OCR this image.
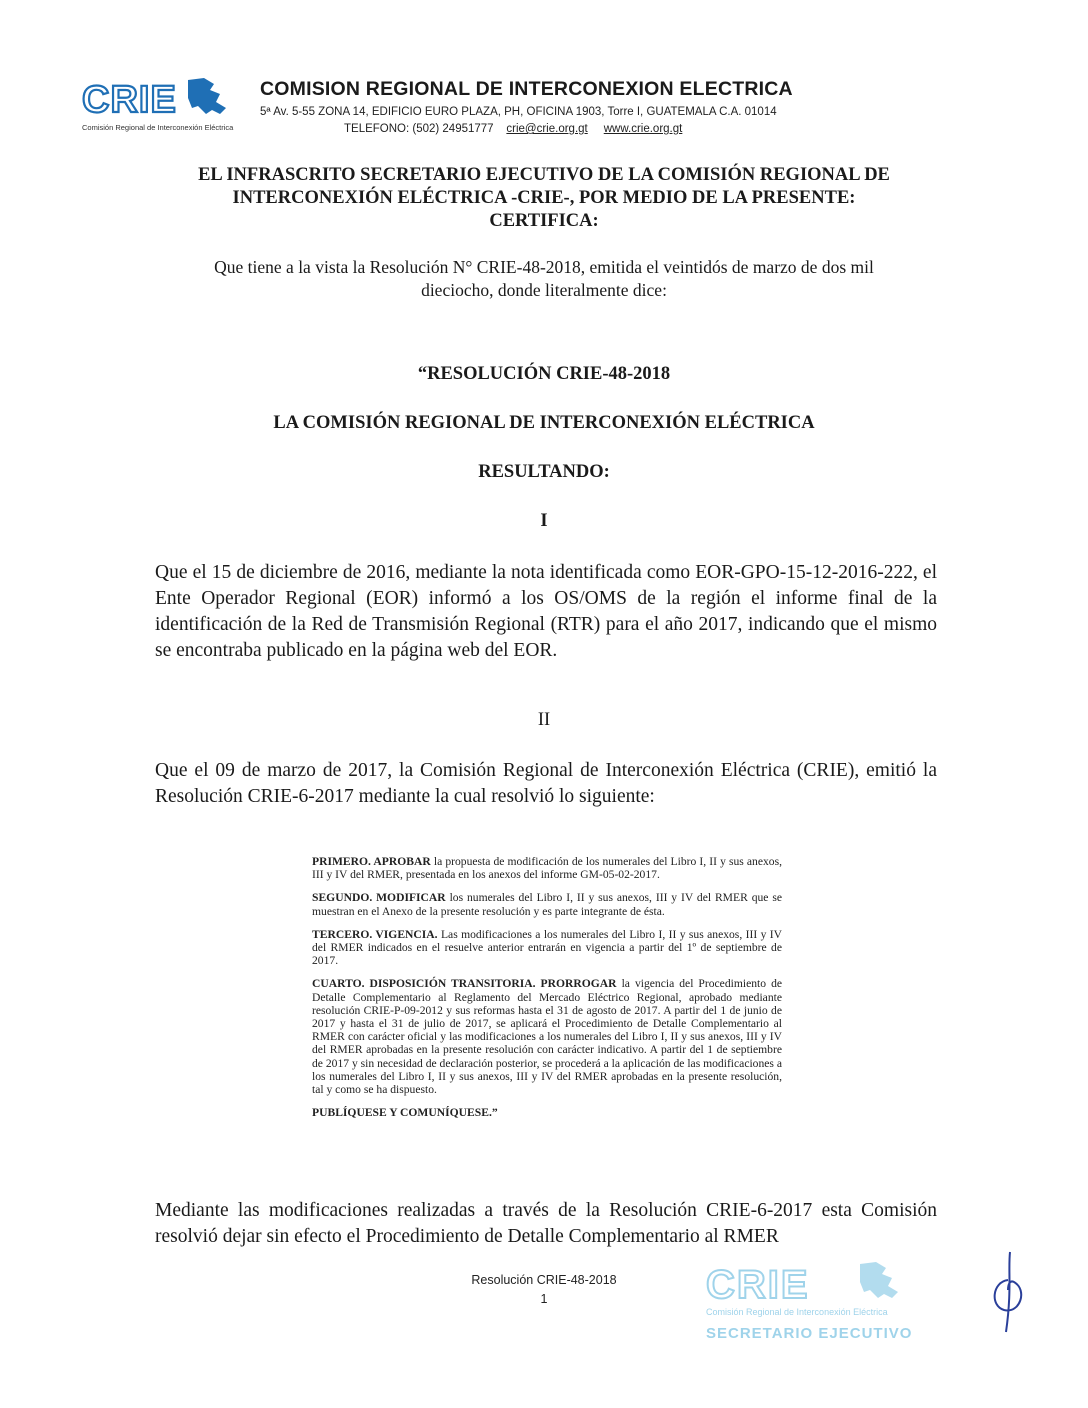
CRIE
Comisión Regional de Interconexión Eléctrica
COMISION REGIONAL DE INTERCONEXION ELECTRICA
5ª Av. 5-55 ZONA 14, EDIFICIO EURO PLAZA, PH, OFICINA 1903, Torre I, GUATEMALA C.A. 01014
TELEFONO: (502) 24951777 crie@crie.org.gt www.crie.org.gt
EL INFRASCRITO SECRETARIO EJECUTIVO DE LA COMISIÓN REGIONAL DE
INTERCONEXIÓN ELÉCTRICA -CRIE-, POR MEDIO DE LA PRESENTE:
CERTIFICA:
Que tiene a la vista la Resolución N° CRIE-48-2018, emitida el veintidós de marzo de dos mil
dieciocho, donde literalmente dice:
“RESOLUCIÓN CRIE-48-2018
LA COMISIÓN REGIONAL DE INTERCONEXIÓN ELÉCTRICA
RESULTANDO:
I
Que el 15 de diciembre de 2016, mediante la nota identificada como EOR-GPO-15-12-2016-222, el Ente Operador Regional (EOR) informó a los OS/OMS de la región el informe final de la identificación de la Red de Transmisión Regional (RTR) para el año 2017, indicando que el mismo se encontraba publicado en la página web del EOR.
II
Que el 09 de marzo de 2017, la Comisión Regional de Interconexión Eléctrica (CRIE), emitió la Resolución CRIE-6-2017 mediante la cual resolvió lo siguiente:

PRIMERO. APROBAR la propuesta de modificación de los numerales del Libro I, II y sus anexos, III y IV del RMER, presentada en los anexos del informe GM-05-02-2017.

SEGUNDO. MODIFICAR los numerales del Libro I, II y sus anexos, III y IV del RMER que se muestran en el Anexo de la presente resolución y es parte integrante de ésta.

TERCERO. VIGENCIA. Las modificaciones a los numerales del Libro I, II y sus anexos, III y IV del RMER indicados en el resuelve anterior entrarán en vigencia a partir del 1º de septiembre de 2017.

CUARTO. DISPOSICIÓN TRANSITORIA. PRORROGAR la vigencia del Procedimiento de Detalle Complementario al Reglamento del Mercado Eléctrico Regional, aprobado mediante resolución CRIE-P-09-2012 y sus reformas hasta el 31 de agosto de 2017. A partir del 1 de junio de 2017 y hasta el 31 de julio de 2017, se aplicará el Procedimiento de Detalle Complementario al RMER con carácter oficial y las modificaciones a los numerales del Libro I, II y sus anexos, III y IV del RMER aprobadas en la presente resolución con carácter indicativo. A partir del 1 de septiembre de 2017 y sin necesidad de declaración posterior, se procederá a la aplicación de las modificaciones a los numerales del Libro I, II y sus anexos, III y IV del RMER aprobadas en la presente resolución, tal y como se ha dispuesto.

PUBLÍQUESE Y COMUNÍQUESE.”

Mediante las modificaciones realizadas a través de la Resolución CRIE-6-2017 esta Comisión resolvió dejar sin efecto el Procedimiento de Detalle Complementario al RMER
Resolución CRIE-48-2018
1	CRIE
Comisión Regional de Interconexión Eléctrica
SECRETARIO EJECUTIVO
